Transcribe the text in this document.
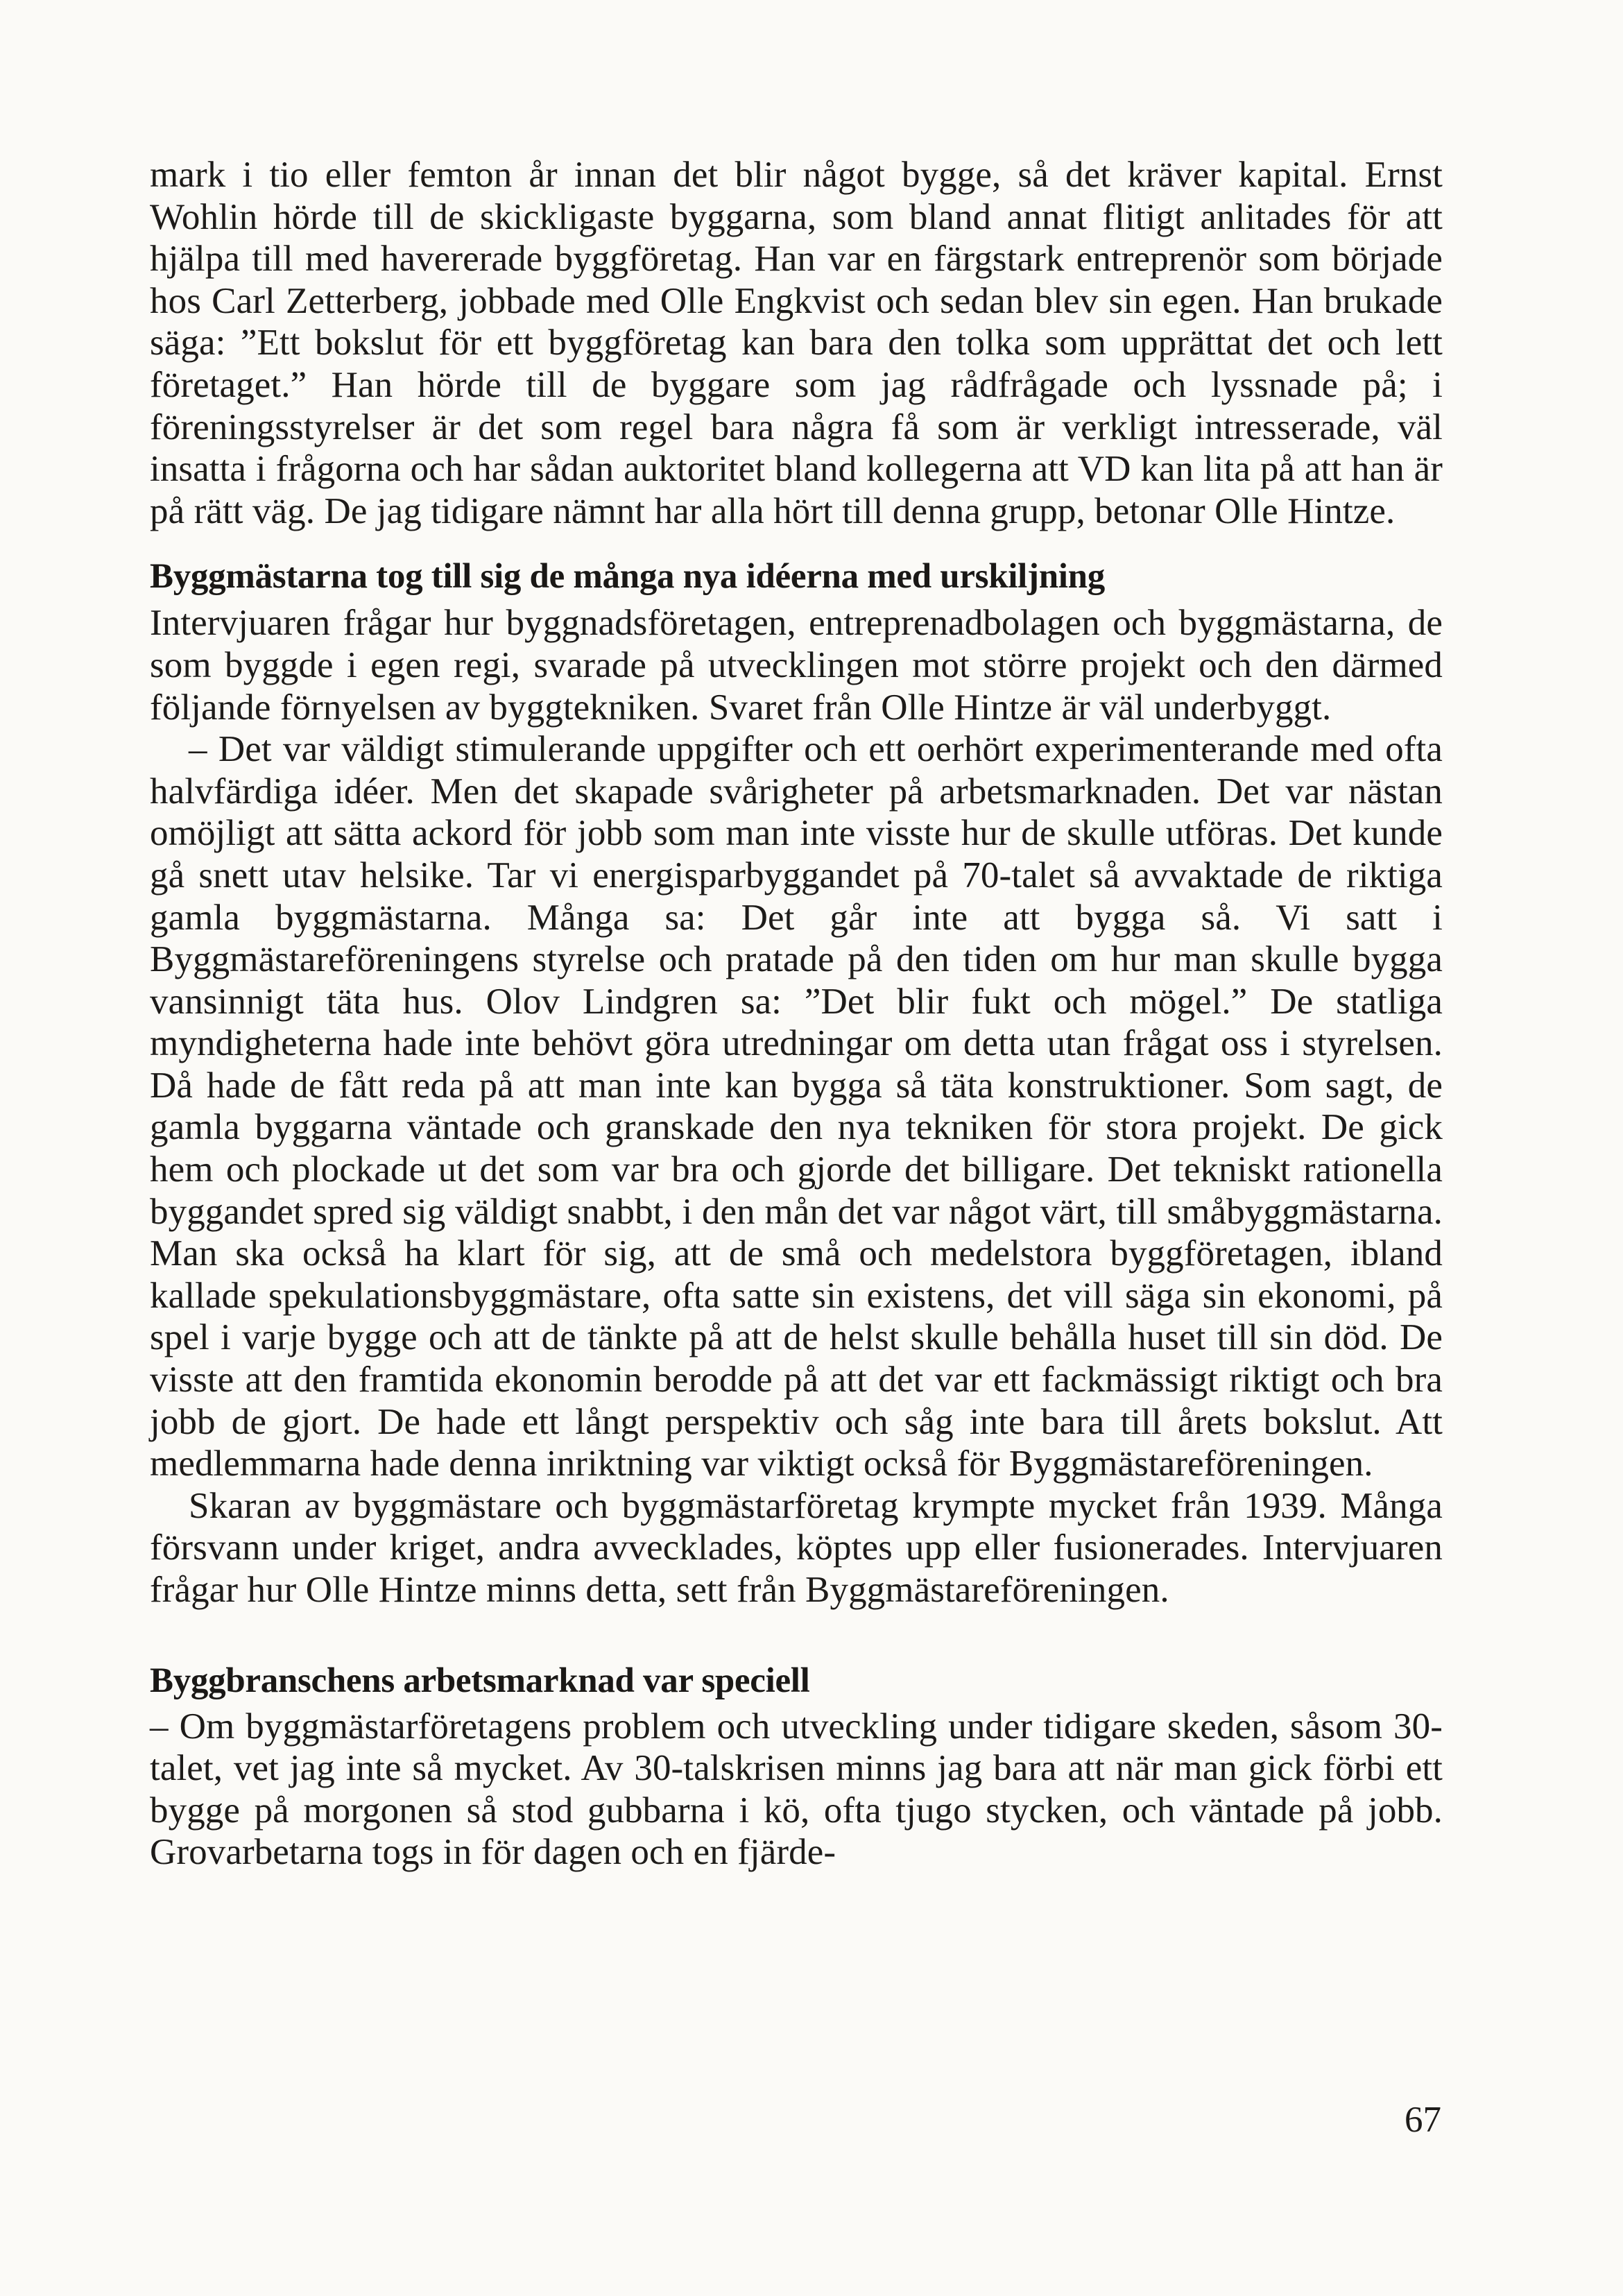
mark i tio eller femton år innan det blir något bygge, så det kräver kapital. Ernst Wohlin hörde till de skickligaste byggarna, som bland annat flitigt anlitades för att hjälpa till med havererade byggföretag. Han var en färgstark entreprenör som började hos Carl Zetterberg, jobbade med Olle Engkvist och sedan blev sin egen. Han brukade säga: ”Ett bokslut för ett byggföretag kan bara den tolka som upprättat det och lett företaget.” Han hörde till de byggare som jag rådfrågade och lyssnade på; i föreningsstyrelser är det som regel bara några få som är verkligt intresserade, väl insatta i frågorna och har sådan auktoritet bland kollegerna att VD kan lita på att han är på rätt väg. De jag tidigare nämnt har alla hört till denna grupp, betonar Olle Hintze.

Byggmästarna tog till sig de många nya idéerna med urskiljning

Intervjuaren frågar hur byggnadsföretagen, entreprenadbolagen och byggmästarna, de som byggde i egen regi, svarade på utvecklingen mot större projekt och den därmed följande förnyelsen av byggtekniken. Svaret från Olle Hintze är väl underbyggt.

– Det var väldigt stimulerande uppgifter och ett oerhört experimenterande med ofta halvfärdiga idéer. Men det skapade svårigheter på arbetsmarknaden. Det var nästan omöjligt att sätta ackord för jobb som man inte visste hur de skulle utföras. Det kunde gå snett utav helsike. Tar vi energisparbyggandet på 70-talet så avvaktade de riktiga gamla byggmästarna. Många sa: Det går inte att bygga så. Vi satt i Byggmästareföreningens styrelse och pratade på den tiden om hur man skulle bygga vansinnigt täta hus. Olov Lindgren sa: ”Det blir fukt och mögel.” De statliga myndigheterna hade inte behövt göra utredningar om detta utan frågat oss i styrelsen. Då hade de fått reda på att man inte kan bygga så täta konstruktioner. Som sagt, de gamla byggarna väntade och granskade den nya tekniken för stora projekt. De gick hem och plockade ut det som var bra och gjorde det billigare. Det tekniskt rationella byggandet spred sig väldigt snabbt, i den mån det var något värt, till småbyggmästarna. Man ska också ha klart för sig, att de små och medelstora byggföretagen, ibland kallade spekulationsbyggmästare, ofta satte sin existens, det vill säga sin ekonomi, på spel i varje bygge och att de tänkte på att de helst skulle behålla huset till sin död. De visste att den framtida ekonomin berodde på att det var ett fackmässigt riktigt och bra jobb de gjort. De hade ett långt perspektiv och såg inte bara till årets bokslut. Att medlemmarna hade denna inriktning var viktigt också för Byggmästareföreningen.

Skaran av byggmästare och byggmästarföretag krympte mycket från 1939. Många försvann under kriget, andra avvecklades, köptes upp eller fusionerades. Intervjuaren frågar hur Olle Hintze minns detta, sett från Byggmästareföreningen.

Byggbranschens arbetsmarknad var speciell

– Om byggmästarföretagens problem och utveckling under tidigare skeden, såsom 30-talet, vet jag inte så mycket. Av 30-talskrisen minns jag bara att när man gick förbi ett bygge på morgonen så stod gubbarna i kö, ofta tjugo stycken, och väntade på jobb. Grovarbetarna togs in för dagen och en fjärde-

67
